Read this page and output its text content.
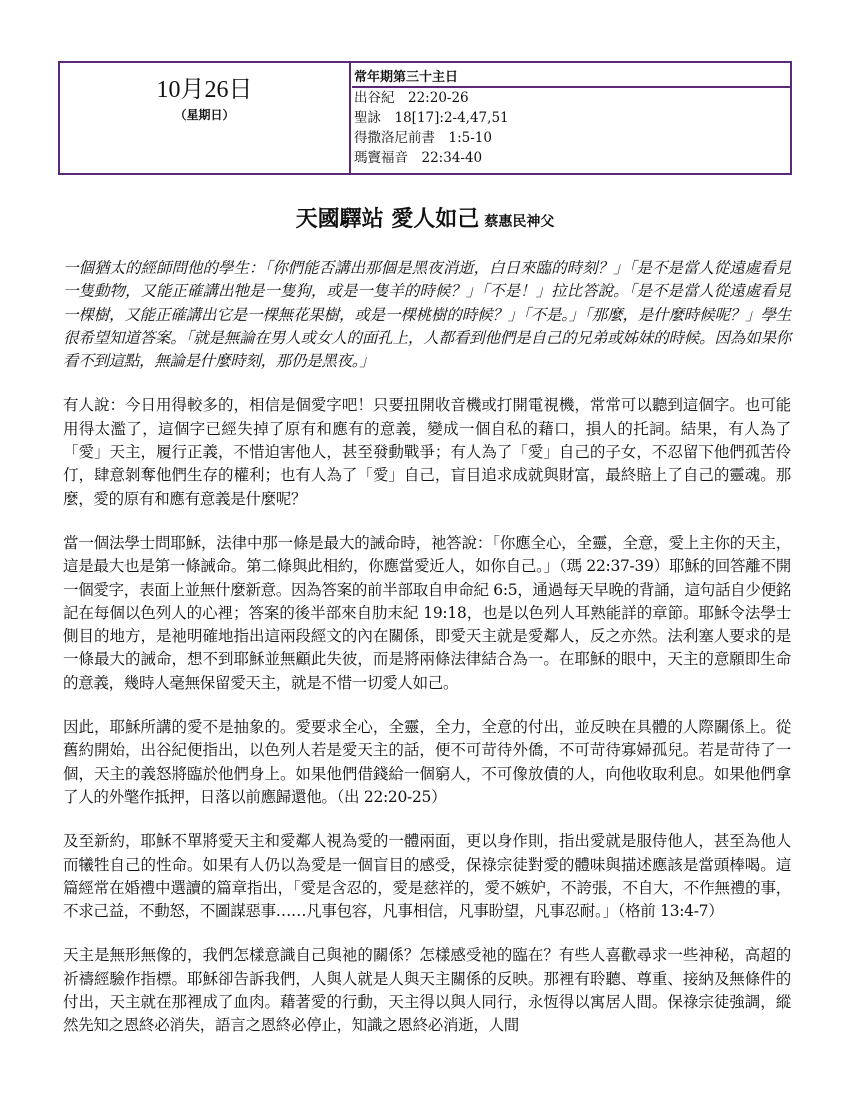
10月26日
（星期日）
常年期第三十主日
出谷紀　22:20-26
聖詠　18[17]:2-4,47,51
得撒洛尼前書　1:5-10
瑪竇福音　22:34-40
天國驛站 愛人如己 蔡惠民神父

一個猶太的經師問他的學生：「你們能否講出那個是黑夜消逝，白日來臨的時刻？」「是不是當人從遠處看見一隻動物，又能正確講出牠是一隻狗，或是一隻羊的時候？」「不是！」拉比答說。「是不是當人從遠處看見一棵樹，又能正確講出它是一棵無花果樹，或是一棵桃樹的時候？」「不是。」「那麼，是什麼時候呢？」學生很希望知道答案。「就是無論在男人或女人的面孔上，人都看到他們是自己的兄弟或姊妹的時候。因為如果你看不到這點，無論是什麼時刻，那仍是黑夜。」

有人說：今日用得較多的，相信是個愛字吧！只要扭開收音機或打開電視機，常常可以聽到這個字。也可能用得太濫了，這個字已經失掉了原有和應有的意義，變成一個自私的藉口，損人的托詞。結果，有人為了「愛」天主，履行正義，不惜迫害他人，甚至發動戰爭；有人為了「愛」自己的子女，不忍留下他們孤苦伶仃，肆意剝奪他們生存的權利；也有人為了「愛」自己，盲目追求成就與財富，最終賠上了自己的靈魂。那麼，愛的原有和應有意義是什麼呢？

當一個法學士問耶穌，法律中那一條是最大的誡命時，祂答說：「你應全心，全靈，全意，愛上主你的天主，這是最大也是第一條誡命。第二條與此相約，你應當愛近人，如你自己。」（瑪 22:37-39）耶穌的回答離不開一個愛字，表面上並無什麼新意。因為答案的前半部取自申命紀 6:5，通過每天早晚的背誦，這句話自少便銘記在每個以色列人的心裡；答案的後半部來自肋末紀 19:18，也是以色列人耳熟能詳的章節。耶穌令法學士側目的地方，是祂明確地指出這兩段經文的內在關係，即愛天主就是愛鄰人，反之亦然。法利塞人要求的是一條最大的誡命，想不到耶穌並無顧此失彼，而是將兩條法律結合為一。在耶穌的眼中，天主的意願即生命的意義，幾時人毫無保留愛天主，就是不惜一切愛人如己。

因此，耶穌所講的愛不是抽象的。愛要求全心，全靈，全力，全意的付出，並反映在具體的人際關係上。從舊約開始，出谷紀便指出，以色列人若是愛天主的話，便不可苛待外僑，不可苛待寡婦孤兒。若是苛待了一個，天主的義怒將臨於他們身上。如果他們借錢給一個窮人，不可像放債的人，向他收取利息。如果他們拿了人的外氅作抵押，日落以前應歸還他。（出 22:20-25）

及至新約，耶穌不單將愛天主和愛鄰人視為愛的一體兩面，更以身作則，指出愛就是服侍他人，甚至為他人而犧牲自己的性命。如果有人仍以為愛是一個盲目的感受，保祿宗徒對愛的體味與描述應該是當頭棒喝。這篇經常在婚禮中選讀的篇章指出，「愛是含忍的，愛是慈祥的，愛不嫉妒，不誇張，不自大，不作無禮的事，不求己益，不動怒，不圖謀惡事……凡事包容，凡事相信，凡事盼望，凡事忍耐。」（格前 13:4-7）

天主是無形無像的，我們怎樣意識自己與祂的關係？怎樣感受祂的臨在？有些人喜歡尋求一些神秘，高超的祈禱經驗作指標。耶穌卻告訴我們，人與人就是人與天主關係的反映。那裡有聆聽、尊重、接納及無條件的付出，天主就在那裡成了血肉。藉著愛的行動，天主得以與人同行，永恆得以寓居人間。保祿宗徒強調，縱然先知之恩終必消失，語言之恩終必停止，知識之恩終必消逝，人間
